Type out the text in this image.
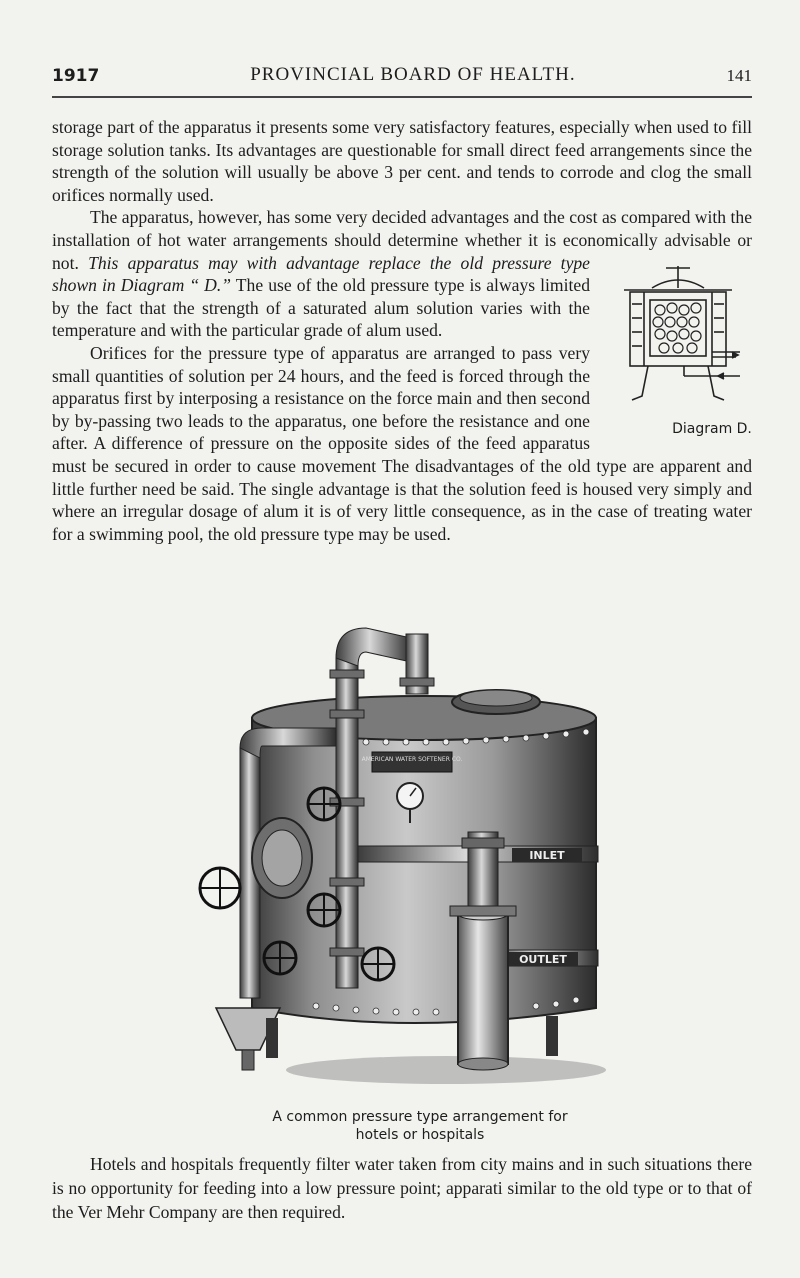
1917	PROVINCIAL BOARD OF HEALTH.	141

storage part of the apparatus it presents some very satisfactory features, especially when used to fill storage solution tanks. Its advantages are questionable for small direct feed arrangements since the strength of the solution will usually be above 3 per cent. and tends to corrode and clog the small orifices normally used.

The apparatus, however, has some very decided advantages and the cost as compared with the installation of hot water arrangements should determine whether it is economically advisable or not.
Diagram D.
This apparatus may with advantage replace the old pressure type shown in Diagram “ D.” The use of the old pressure type is always limited by the fact that the strength of a saturated alum solution varies with the temperature and with the particular grade of alum used.

Orifices for the pressure type of apparatus are arranged to pass very small quantities of solution per 24 hours, and the feed is forced through the apparatus first by interposing a resistance on the force main and then second by by-passing two leads to the apparatus, one before the resistance and one after. A difference of pressure on the opposite sides of the feed apparatus must be secured in order to cause movement The disadvantages of the old type are apparent and little further need be said. The single advantage is that the solution feed is housed very simply and where an irregular dosage of alum it is of very little consequence, as in the case of treating water for a swimming pool, the old pressure type may be used.

AMERICAN WATER SOFTENER CO.
INLET
OUTLET
A common pressure type arrangement for hotels or hospitals

Hotels and hospitals frequently filter water taken from city mains and in such situations there is no opportunity for feeding into a low pressure point; apparati similar to the old type or to that of the Ver Mehr Company are then required.
